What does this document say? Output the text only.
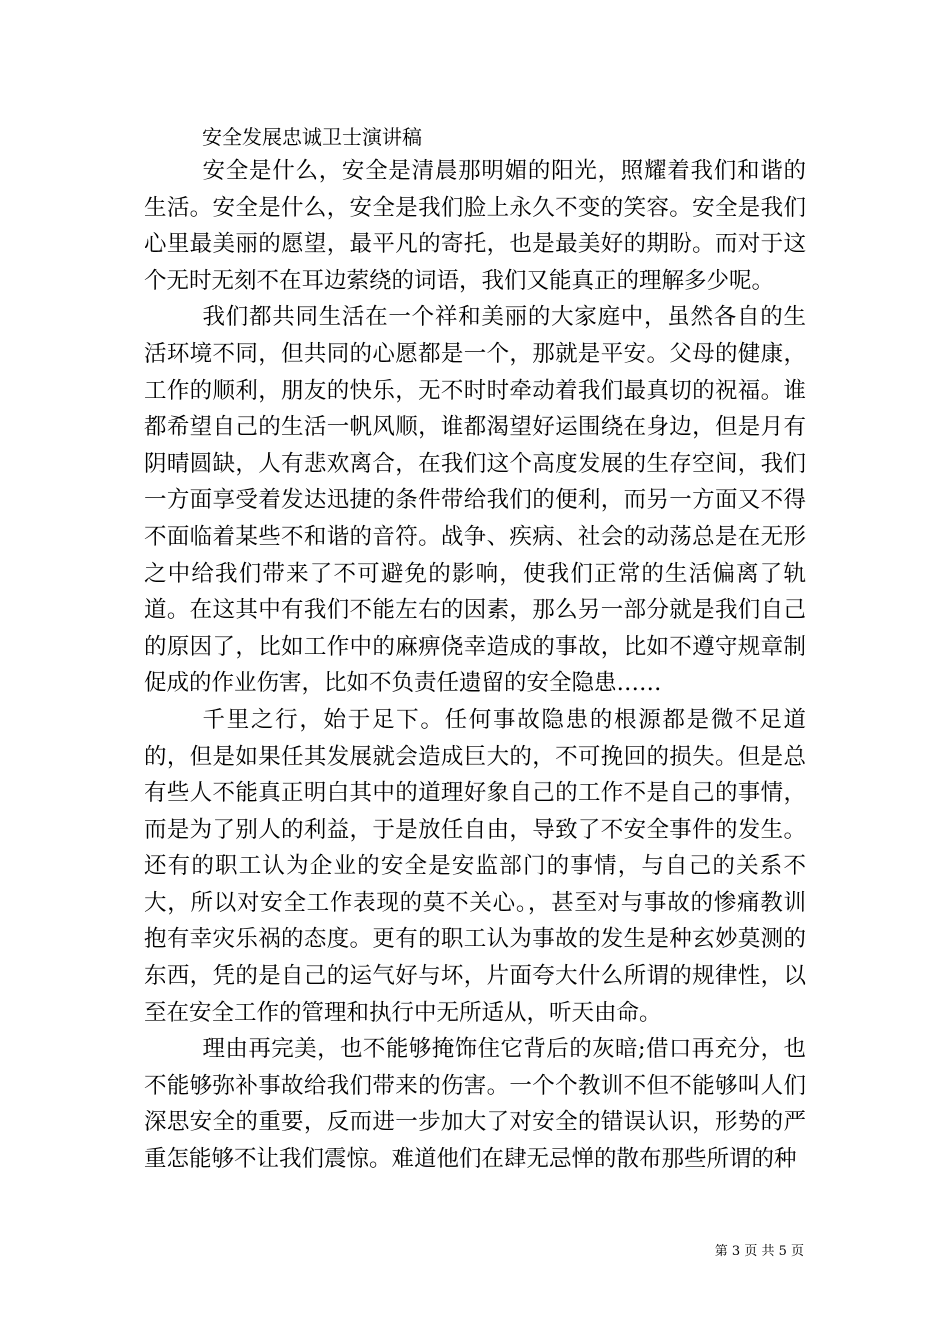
安全发展忠诚卫士演讲稿

安全是什么，安全是清晨那明媚的阳光，照耀着我们和谐的生活。安全是什么，安全是我们脸上永久不变的笑容。安全是我们心里最美丽的愿望，最平凡的寄托，也是最美好的期盼。而对于这个无时无刻不在耳边萦绕的词语，我们又能真正的理解多少呢。

我们都共同生活在一个祥和美丽的大家庭中，虽然各自的生活环境不同，但共同的心愿都是一个，那就是平安。父母的健康，工作的顺利，朋友的快乐，无不时时牵动着我们最真切的祝福。谁都希望自己的生活一帆风顺，谁都渴望好运围绕在身边，但是月有阴晴圆缺，人有悲欢离合，在我们这个高度发展的生存空间，我们一方面享受着发达迅捷的条件带给我们的便利，而另一方面又不得不面临着某些不和谐的音符。战争、疾病、社会的动荡总是在无形之中给我们带来了不可避免的影响，使我们正常的生活偏离了轨道。在这其中有我们不能左右的因素，那么另一部分就是我们自己的原因了，比如工作中的麻痹侥幸造成的事故，比如不遵守规章制促成的作业伤害，比如不负责任遗留的安全隐患……

千里之行，始于足下。任何事故隐患的根源都是微不足道的，但是如果任其发展就会造成巨大的，不可挽回的损失。但是总有些人不能真正明白其中的道理好象自己的工作不是自己的事情，而是为了别人的利益，于是放任自由，导致了不安全事件的发生。还有的职工认为企业的安全是安监部门的事情，与自己的关系不大，所以对安全工作表现的莫不关心。，甚至对与事故的惨痛教训抱有幸灾乐祸的态度。更有的职工认为事故的发生是种玄妙莫测的东西，凭的是自己的运气好与坏，片面夸大什么所谓的规律性，以至在安全工作的管理和执行中无所适从，听天由命。

理由再完美，也不能够掩饰住它背后的灰暗;借口再充分，也不能够弥补事故给我们带来的伤害。一个个教训不但不能够叫人们深思安全的重要，反而进一步加大了对安全的错误认识，形势的严重怎能够不让我们震惊。难道他们在肆无忌惮的散布那些所谓的种

第 3 页 共 5 页
